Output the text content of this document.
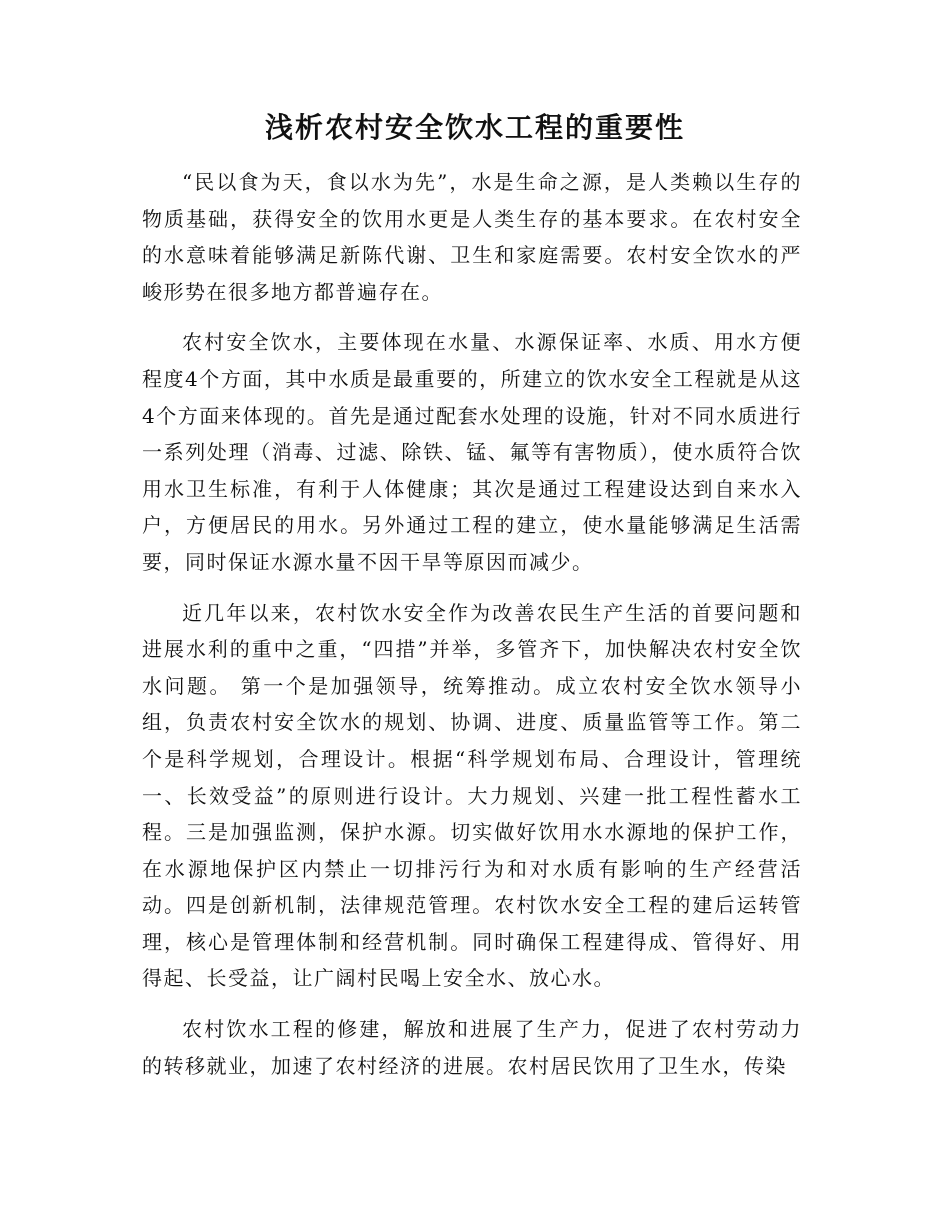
浅析农村安全饮水工程的重要性

“民以食为天，食以水为先”，水是生命之源，是人类赖以生存的物质基础，获得安全的饮用水更是人类生存的基本要求。在农村安全的水意味着能够满足新陈代谢、卫生和家庭需要。农村安全饮水的严峻形势在很多地方都普遍存在。

农村安全饮水，主要体现在水量、水源保证率、水质、用水方便程度4个方面，其中水质是最重要的，所建立的饮水安全工程就是从这4个方面来体现的。首先是通过配套水处理的设施，针对不同水质进行一系列处理（消毒、过滤、除铁、锰、氟等有害物质），使水质符合饮用水卫生标准，有利于人体健康；其次是通过工程建设达到自来水入户，方便居民的用水。另外通过工程的建立，使水量能够满足生活需要，同时保证水源水量不因干旱等原因而减少。

近几年以来，农村饮水安全作为改善农民生产生活的首要问题和进展水利的重中之重，“四措”并举，多管齐下，加快解决农村安全饮水问题。 第一个是加强领导，统筹推动。成立农村安全饮水领导小组，负责农村安全饮水的规划、协调、进度、质量监管等工作。第二个是科学规划，合理设计。根据“科学规划布局、合理设计，管理统一、长效受益”的原则进行设计。大力规划、兴建一批工程性蓄水工程。三是加强监测，保护水源。切实做好饮用水水源地的保护工作，在水源地保护区内禁止一切排污行为和对水质有影响的生产经营活动。四是创新机制，法律规范管理。农村饮水安全工程的建后运转管理，核心是管理体制和经营机制。同时确保工程建得成、管得好、用得起、长受益，让广阔村民喝上安全水、放心水。

农村饮水工程的修建，解放和进展了生产力，促进了农村劳动力的转移就业，加速了农村经济的进展。农村居民饮用了卫生水，传染
